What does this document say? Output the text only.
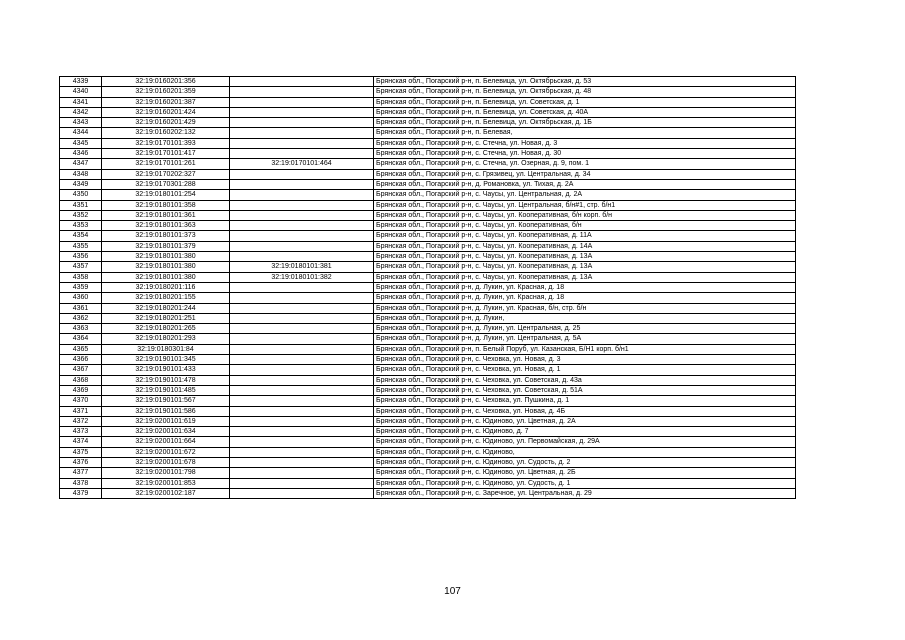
4339	32:19:0160201:356		Брянская обл., Погарский р-н, п. Белевица, ул. Октябрьская, д. 53
4340	32:19:0160201:359		Брянская обл., Погарский р-н, п. Белевица, ул. Октябрьская, д. 48
4341	32:19:0160201:387		Брянская обл., Погарский р-н, п. Белевица, ул. Советская, д. 1
4342	32:19:0160201:424		Брянская обл., Погарский р-н, п. Белевица, ул. Советская, д. 40А
4343	32:19:0160201:429		Брянская обл., Погарский р-н, п. Белевица, ул. Октябрьская, д. 1Б
4344	32:19:0160202:132		Брянская обл., Погарский р-н, п. Белевая,
4345	32:19:0170101:393		Брянская обл., Погарский р-н, с. Стечна, ул. Новая, д. 3
4346	32:19:0170101:417		Брянская обл., Погарский р-н, с. Стечна, ул. Новая, д. 30
4347	32:19:0170101:261	32:19:0170101:464	Брянская обл., Погарский р-н, с. Стечна, ул. Озерная, д. 9, пом. 1
4348	32:19:0170202:327		Брянская обл., Погарский р-н, с. Грязивец, ул. Центральная, д. 34
4349	32:19:0170301:288		Брянская обл., Погарский р-н, д. Романовка, ул. Тихая, д. 2А
4350	32:19:0180101:254		Брянская обл., Погарский р-н, с. Чаусы, ул. Центральная, д. 2А
4351	32:19:0180101:358		Брянская обл., Погарский р-н, с. Чаусы, ул. Центральная, б/н#1, стр. б/н1
4352	32:19:0180101:361		Брянская обл., Погарский р-н, с. Чаусы, ул. Кооперативная, б/н корп. б/н
4353	32:19:0180101:363		Брянская обл., Погарский р-н, с. Чаусы, ул. Кооперативная, б/н
4354	32:19:0180101:373		Брянская обл., Погарский р-н, с. Чаусы, ул. Кооперативная, д. 11А
4355	32:19:0180101:379		Брянская обл., Погарский р-н, с. Чаусы, ул. Кооперативная, д. 14А
4356	32:19:0180101:380		Брянская обл., Погарский р-н, с. Чаусы, ул. Кооперативная, д. 13А
4357	32:19:0180101:380	32:19:0180101:381	Брянская обл., Погарский р-н, с. Чаусы, ул. Кооперативная, д. 13А
4358	32:19:0180101:380	32:19:0180101:382	Брянская обл., Погарский р-н, с. Чаусы, ул. Кооперативная, д. 13А
4359	32:19:0180201:116		Брянская обл., Погарский р-н, д. Лукин, ул. Красная, д. 18
4360	32:19:0180201:155		Брянская обл., Погарский р-н, д. Лукин, ул. Красная, д. 18
4361	32:19:0180201:244		Брянская обл., Погарский р-н, д. Лукин, ул. Красная, б/н, стр. б/н
4362	32:19:0180201:251		Брянская обл., Погарский р-н, д. Лукин,
4363	32:19:0180201:265		Брянская обл., Погарский р-н, д. Лукин, ул. Центральная, д. 25
4364	32:19:0180201:293		Брянская обл., Погарский р-н, д. Лукин, ул. Центральная, д. 5А
4365	32:19:0180301:84		Брянская обл., Погарский р-н, п. Белый Поруб, ул. Казанская, Б/Н1 корп. б/н1
4366	32:19:0190101:345		Брянская обл., Погарский р-н, с. Чеховка, ул. Новая, д. 3
4367	32:19:0190101:433		Брянская обл., Погарский р-н, с. Чеховка, ул. Новая, д. 1
4368	32:19:0190101:478		Брянская обл., Погарский р-н, с. Чеховка, ул. Советская, д. 43а
4369	32:19:0190101:485		Брянская обл., Погарский р-н, с. Чеховка, ул. Советская, д. 51А
4370	32:19:0190101:567		Брянская обл., Погарский р-н, с. Чеховка, ул. Пушкина, д. 1
4371	32:19:0190101:586		Брянская обл., Погарский р-н, с. Чеховка, ул. Новая, д. 4Б
4372	32:19:0200101:619		Брянская обл., Погарский р-н, с. Юдиново, ул. Цветная, д. 2А
4373	32:19:0200101:634		Брянская обл., Погарский р-н, с. Юдиново, д. 7
4374	32:19:0200101:664		Брянская обл., Погарский р-н, с. Юдиново, ул. Первомайская, д. 29А
4375	32:19:0200101:672		Брянская обл., Погарский р-н, с. Юдиново,
4376	32:19:0200101:678		Брянская обл., Погарский р-н, с. Юдиново, ул. Судость, д. 2
4377	32:19:0200101:798		Брянская обл., Погарский р-н, с. Юдиново, ул. Цветная, д. 2Б
4378	32:19:0200101:853		Брянская обл., Погарский р-н, с. Юдиново, ул. Судость, д. 1
4379	32:19:0200102:187		Брянская обл., Погарский р-н, с. Заречное, ул. Центральная, д. 29
107
